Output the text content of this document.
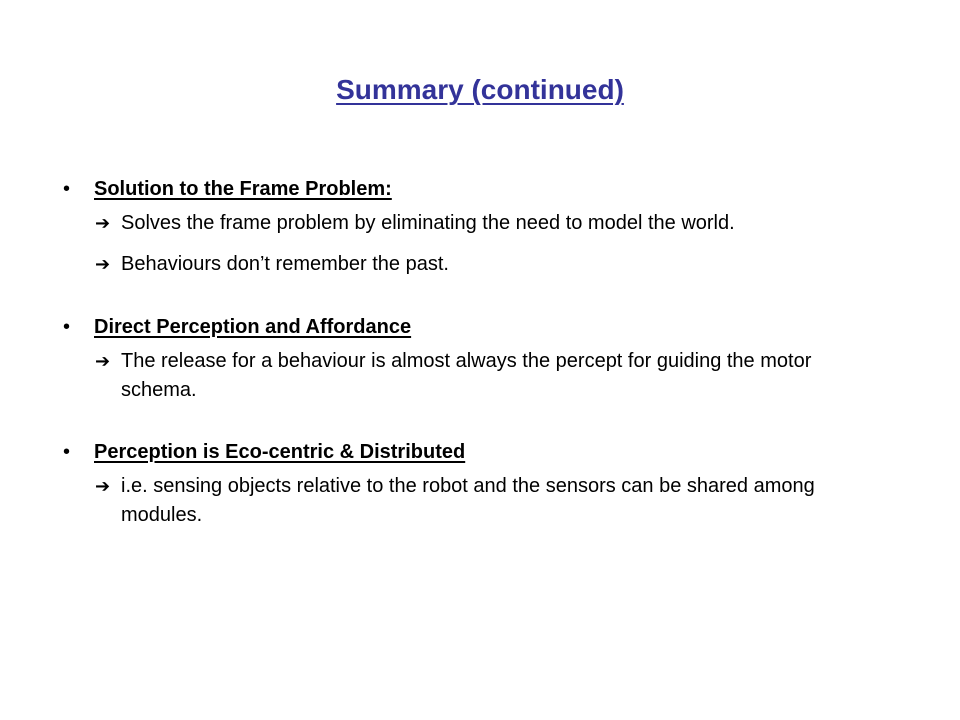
Summary (continued)
•	Solution to the Frame Problem:
➔ Solves the frame problem by eliminating the need to model the world.
➔ Behaviours don’t remember the past.
•	Direct Perception and Affordance
➔ The release for a behaviour is almost always the percept for guiding the motor schema.
•	Perception is Eco-centric & Distributed
➔ i.e. sensing objects relative to the robot and the sensors can be shared among modules.
